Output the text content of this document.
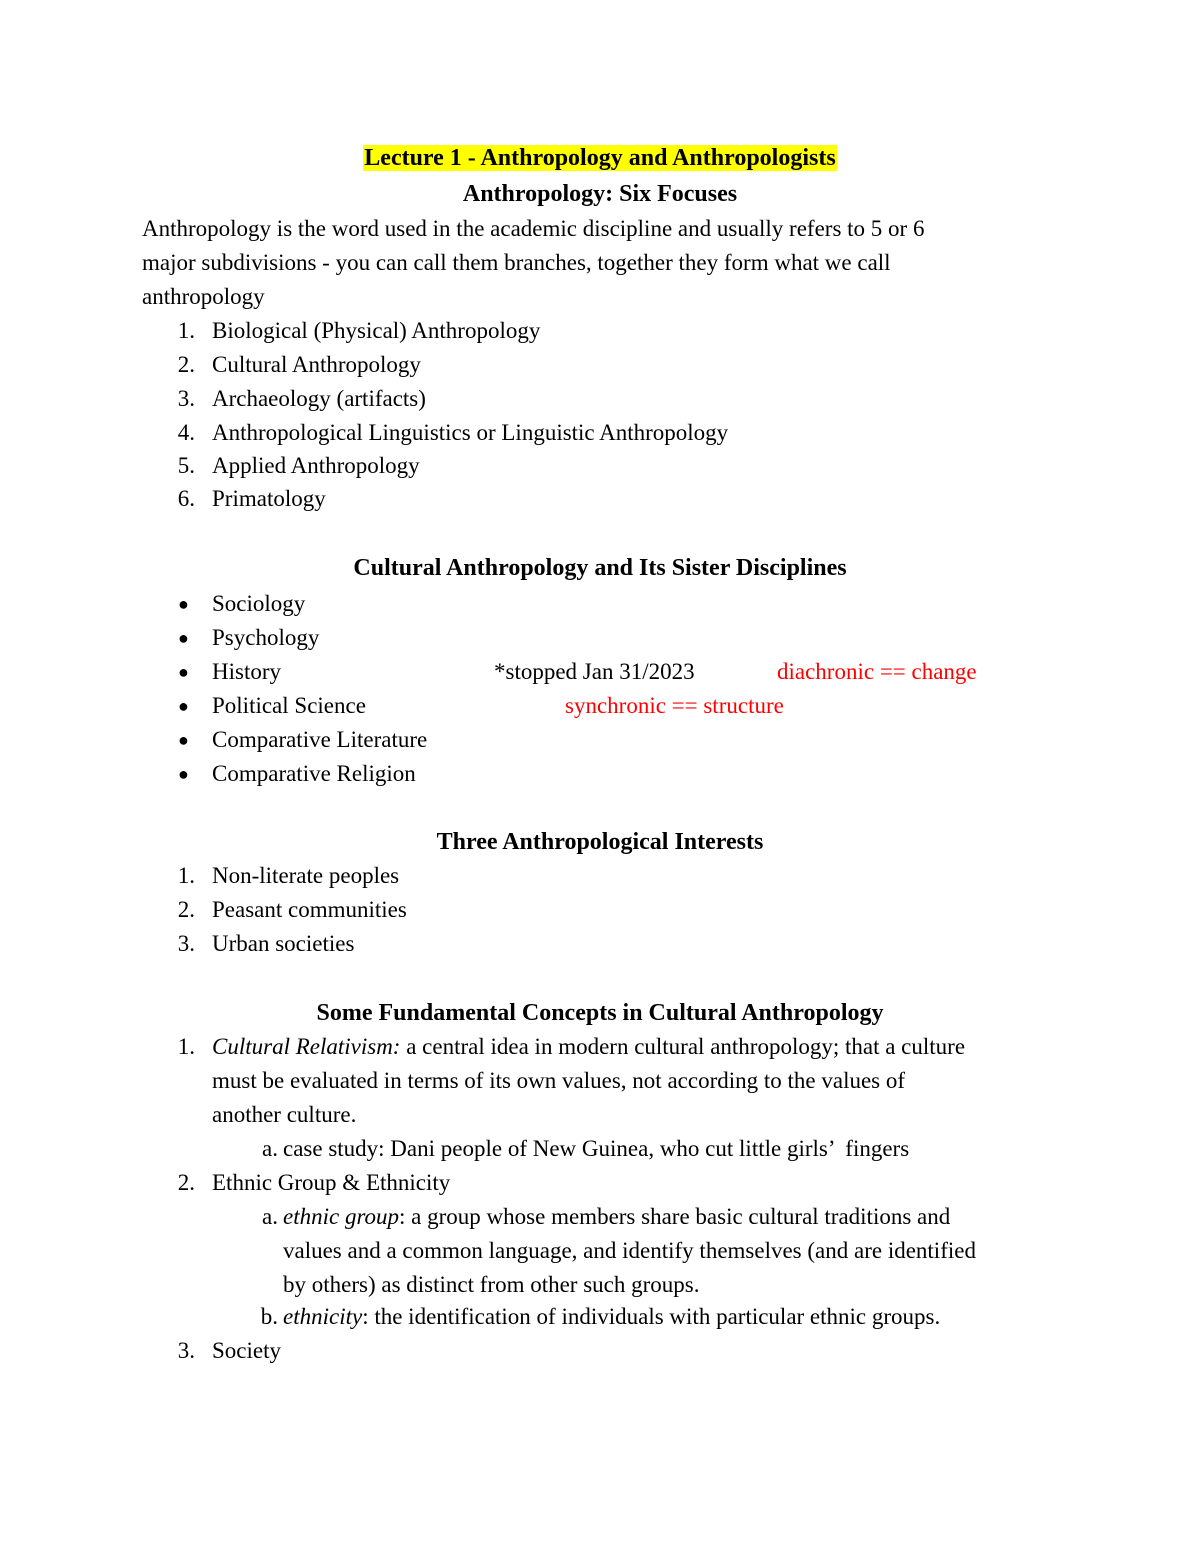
Lecture 1 - Anthropology and Anthropologists
Anthropology: Six Focuses
Anthropology is the word used in the academic discipline and usually refers to 5 or 6
major subdivisions - you can call them branches, together they form what we call
anthropology
1. Biological (Physical) Anthropology
2. Cultural Anthropology
3. Archaeology (artifacts)
4. Anthropological Linguistics or Linguistic Anthropology
5. Applied Anthropology
6. Primatology
Cultural Anthropology and Its Sister Disciplines
● Sociology
● Psychology
● History	*stopped Jan 31/2023	diachronic == change
● Political Science	synchronic == structure
● Comparative Literature
● Comparative Religion
Three Anthropological Interests
1. Non-literate peoples
2. Peasant communities
3. Urban societies
Some Fundamental Concepts in Cultural Anthropology
1. Cultural Relativism: a central idea in modern cultural anthropology; that a culture
must be evaluated in terms of its own values, not according to the values of
another culture.
a. case study: Dani people of New Guinea, who cut little girls’  fingers
2. Ethnic Group & Ethnicity
a. ethnic group: a group whose members share basic cultural traditions and
values and a common language, and identify themselves (and are identified
by others) as distinct from other such groups.
b. ethnicity: the identification of individuals with particular ethnic groups.
3. Society
